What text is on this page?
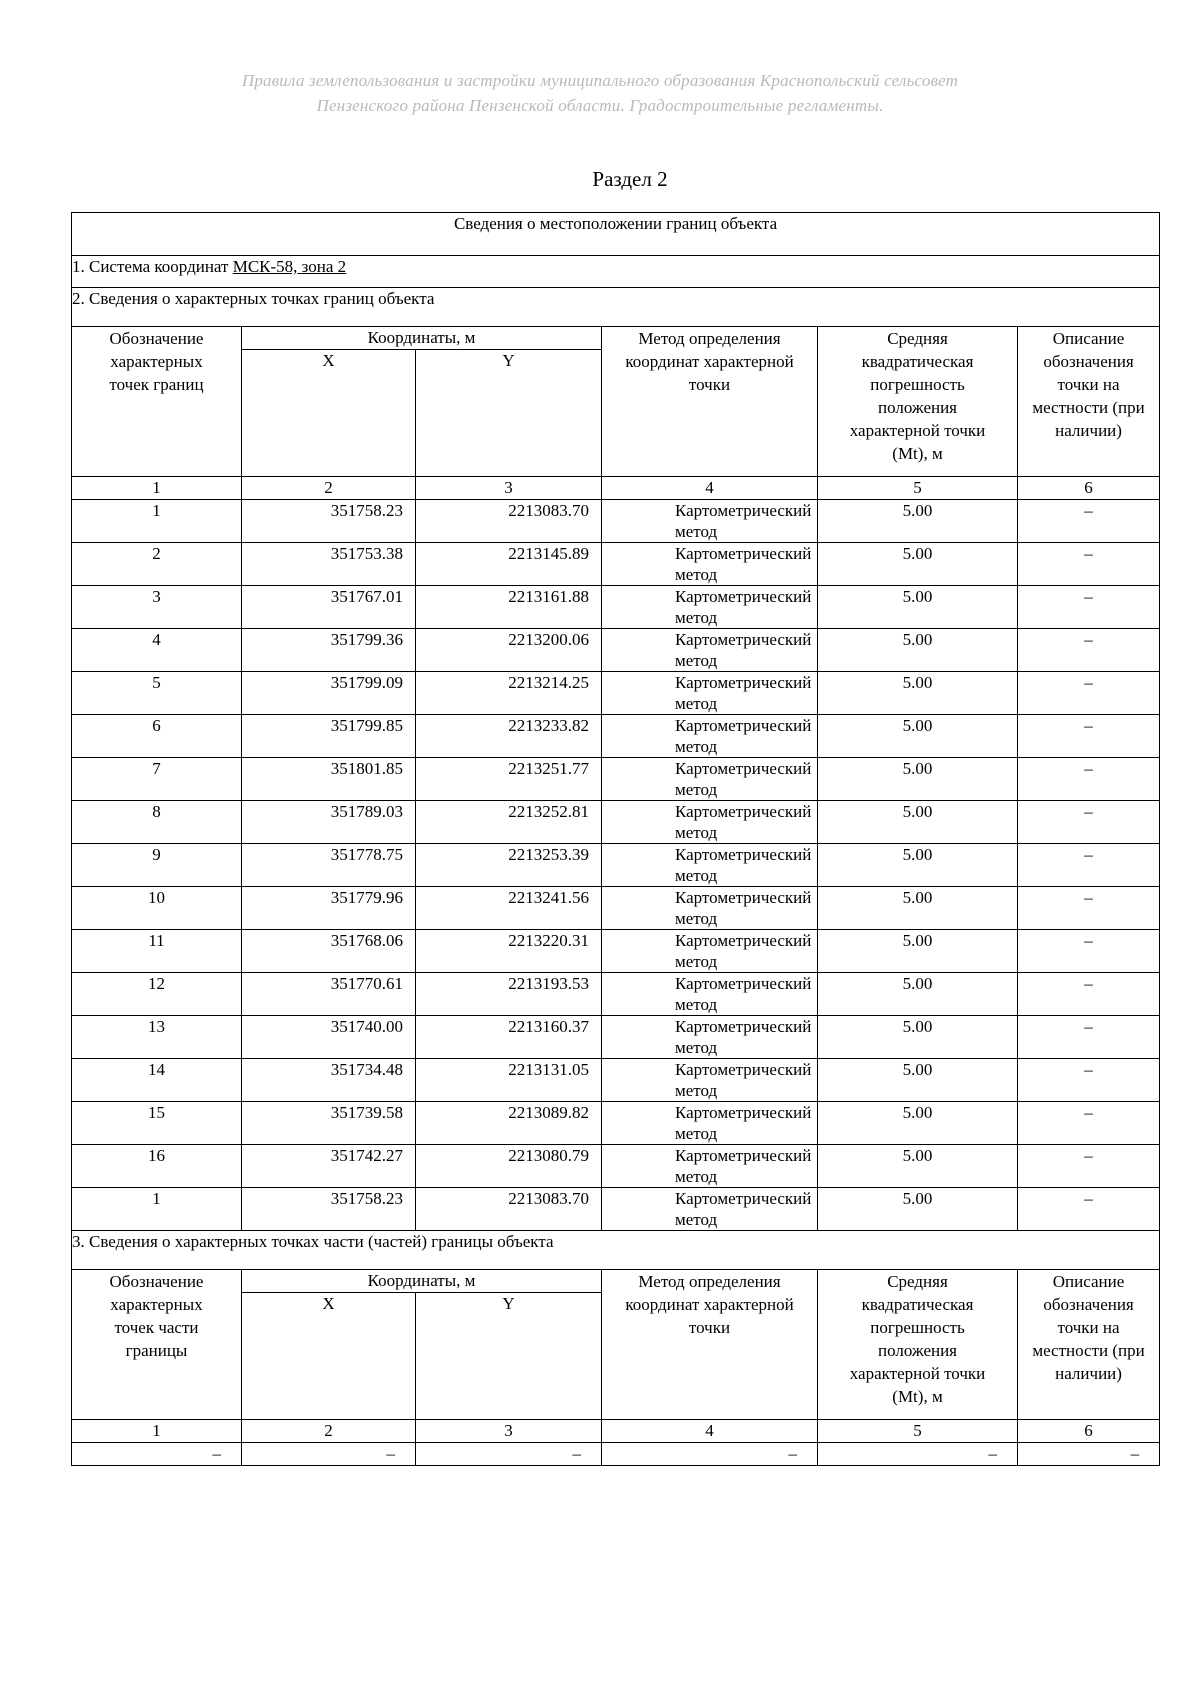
Правила землепользования и застройки муниципального образования Краснопольский сельсовет
Пензенского района Пензенской области. Градостроительные регламенты.
Раздел 2
Сведения о местоположении границ объекта					
1. Система координат МСК-58, зона 2					
2. Сведения о характерных точках границ объекта					
Обозначение характерных точек границ	Координаты, м		Метод определения координат характерной точки	Средняя квадратическая погрешность положения характерной точки (Mt), м	Описание обозначения точки на местности (при наличии)
	X	Y			
1	2	3	4	5	6
1	351758.23	2213083.70	Картометрический метод	5.00	–
2	351753.38	2213145.89	Картометрический метод	5.00	–
3	351767.01	2213161.88	Картометрический метод	5.00	–
4	351799.36	2213200.06	Картометрический метод	5.00	–
5	351799.09	2213214.25	Картометрический метод	5.00	–
6	351799.85	2213233.82	Картометрический метод	5.00	–
7	351801.85	2213251.77	Картометрический метод	5.00	–
8	351789.03	2213252.81	Картометрический метод	5.00	–
9	351778.75	2213253.39	Картометрический метод	5.00	–
10	351779.96	2213241.56	Картометрический метод	5.00	–
11	351768.06	2213220.31	Картометрический метод	5.00	–
12	351770.61	2213193.53	Картометрический метод	5.00	–
13	351740.00	2213160.37	Картометрический метод	5.00	–
14	351734.48	2213131.05	Картометрический метод	5.00	–
15	351739.58	2213089.82	Картометрический метод	5.00	–
16	351742.27	2213080.79	Картометрический метод	5.00	–
1	351758.23	2213083.70	Картометрический метод	5.00	–
3. Сведения о характерных точках части (частей) границы объекта					
Обозначение характерных точек части границы	Координаты, м		Метод определения координат характерной точки	Средняя квадратическая погрешность положения характерной точки (Mt), м	Описание обозначения точки на местности (при наличии)
	X	Y			
1	2	3	4	5	6
–	–	–	–	–	–
